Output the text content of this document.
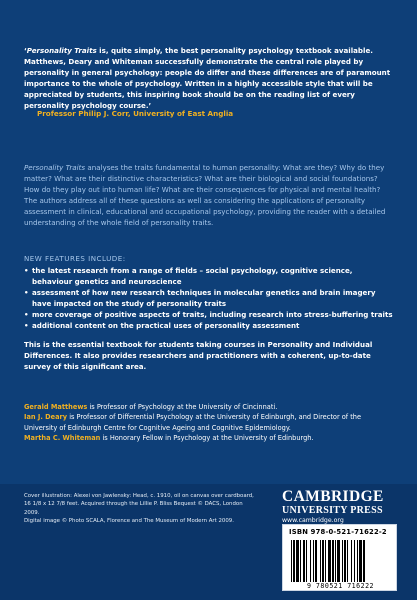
‘Personality Traits is, quite simply, the best personality psychology textbook available. Matthews, Deary and Whiteman successfully demonstrate the central role played by personality in general psychology: people do differ and these differences are of paramount importance to the whole of psychology. Written in a highly accessible style that will be appreciated by students, this inspiring book should be on the reading list of every personality psychology course.’
Professor Philip J. Corr, University of East Anglia
Personality Traits analyses the traits fundamental to human personality: What are they? Why do they matter? What are their distinctive characteristics? What are their biological and social foundations? How do they play out into human life? What are their consequences for physical and mental health? The authors address all of these questions as well as considering the applications of personality assessment in clinical, educational and occupational psychology, providing the reader with a detailed understanding of the whole field of personality traits.
NEW FEATURES INCLUDE:
• the latest research from a range of fields – social psychology, cognitive science, behaviour genetics and neuroscience
• assessment of how new research techniques in molecular genetics and brain imagery have impacted on the study of personality traits
• more coverage of positive aspects of traits, including research into stress-buffering traits
• additional content on the practical uses of personality assessment
This is the essential textbook for students taking courses in Personality and Individual Differences. It also provides researchers and practitioners with a coherent, up-to-date survey of this significant area.
Gerald Matthews is Professor of Psychology at the University of Cincinnati.
Ian J. Deary is Professor of Differential Psychology at the University of Edinburgh, and Director of the University of Edinburgh Centre for Cognitive Ageing and Cognitive Epidemiology.
Martha C. Whiteman is Honorary Fellow in Psychology at the University of Edinburgh.
Cover illustration: Alexei von Jawlensky: Head, c. 1910, oil on canvas over cardboard,
16 1/8 x 12 7/8 feet. Acquired through the Lillie P. Bliss Bequest © DACS, London 2009.
Digital image © Photo SCALA, Florence and The Museum of Modern Art 2009.
CAMBRIDGE
UNIVERSITY PRESS
www.cambridge.org
ISBN 978-0-521-71622-2
9 780521 716222
